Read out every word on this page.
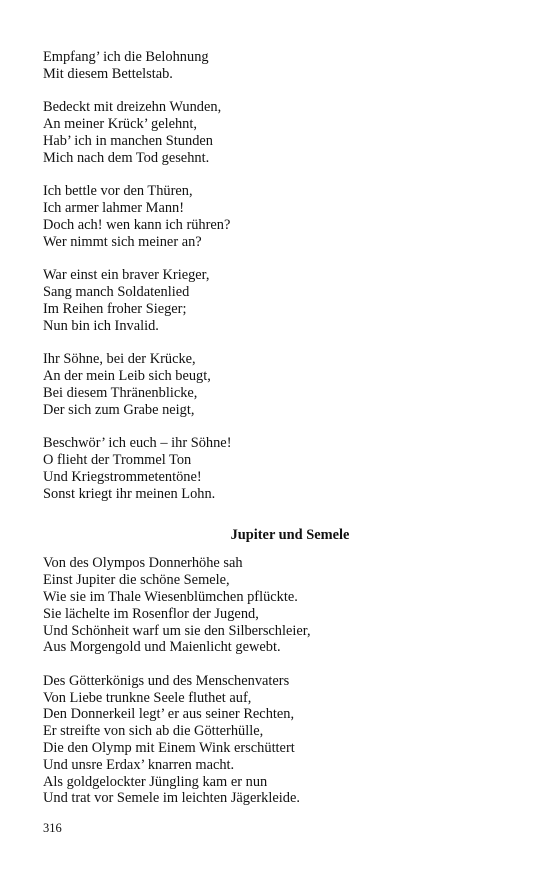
Empfang’ ich die Belohnung
Mit diesem Bettelstab.
Bedeckt mit dreizehn Wunden,
An meiner Krück’ gelehnt,
Hab’ ich in manchen Stunden
Mich nach dem Tod gesehnt.
Ich bettle vor den Thüren,
Ich armer lahmer Mann!
Doch ach! wen kann ich rühren?
Wer nimmt sich meiner an?
War einst ein braver Krieger,
Sang manch Soldatenlied
Im Reihen froher Sieger;
Nun bin ich Invalid.
Ihr Söhne, bei der Krücke,
An der mein Leib sich beugt,
Bei diesem Thränenblicke,
Der sich zum Grabe neigt,
Beschwör’ ich euch – ihr Söhne!
O flieht der Trommel Ton
Und Kriegstrommetentöne!
Sonst kriegt ihr meinen Lohn.
Jupiter und Semele
Von des Olympos Donnerhöhe sah
Einst Jupiter die schöne Semele,
Wie sie im Thale Wiesenblümchen pflückte.
Sie lächelte im Rosenflor der Jugend,
Und Schönheit warf um sie den Silberschleier,
Aus Morgengold und Maienlicht gewebt.
Des Götterkönigs und des Menschenvaters
Von Liebe trunkne Seele fluthet auf,
Den Donnerkeil legt’ er aus seiner Rechten,
Er streifte von sich ab die Götterhülle,
Die den Olymp mit Einem Wink erschüttert
Und unsre Erdax’ knarren macht.
Als goldgelockter Jüngling kam er nun
Und trat vor Semele im leichten Jägerkleide.
316
